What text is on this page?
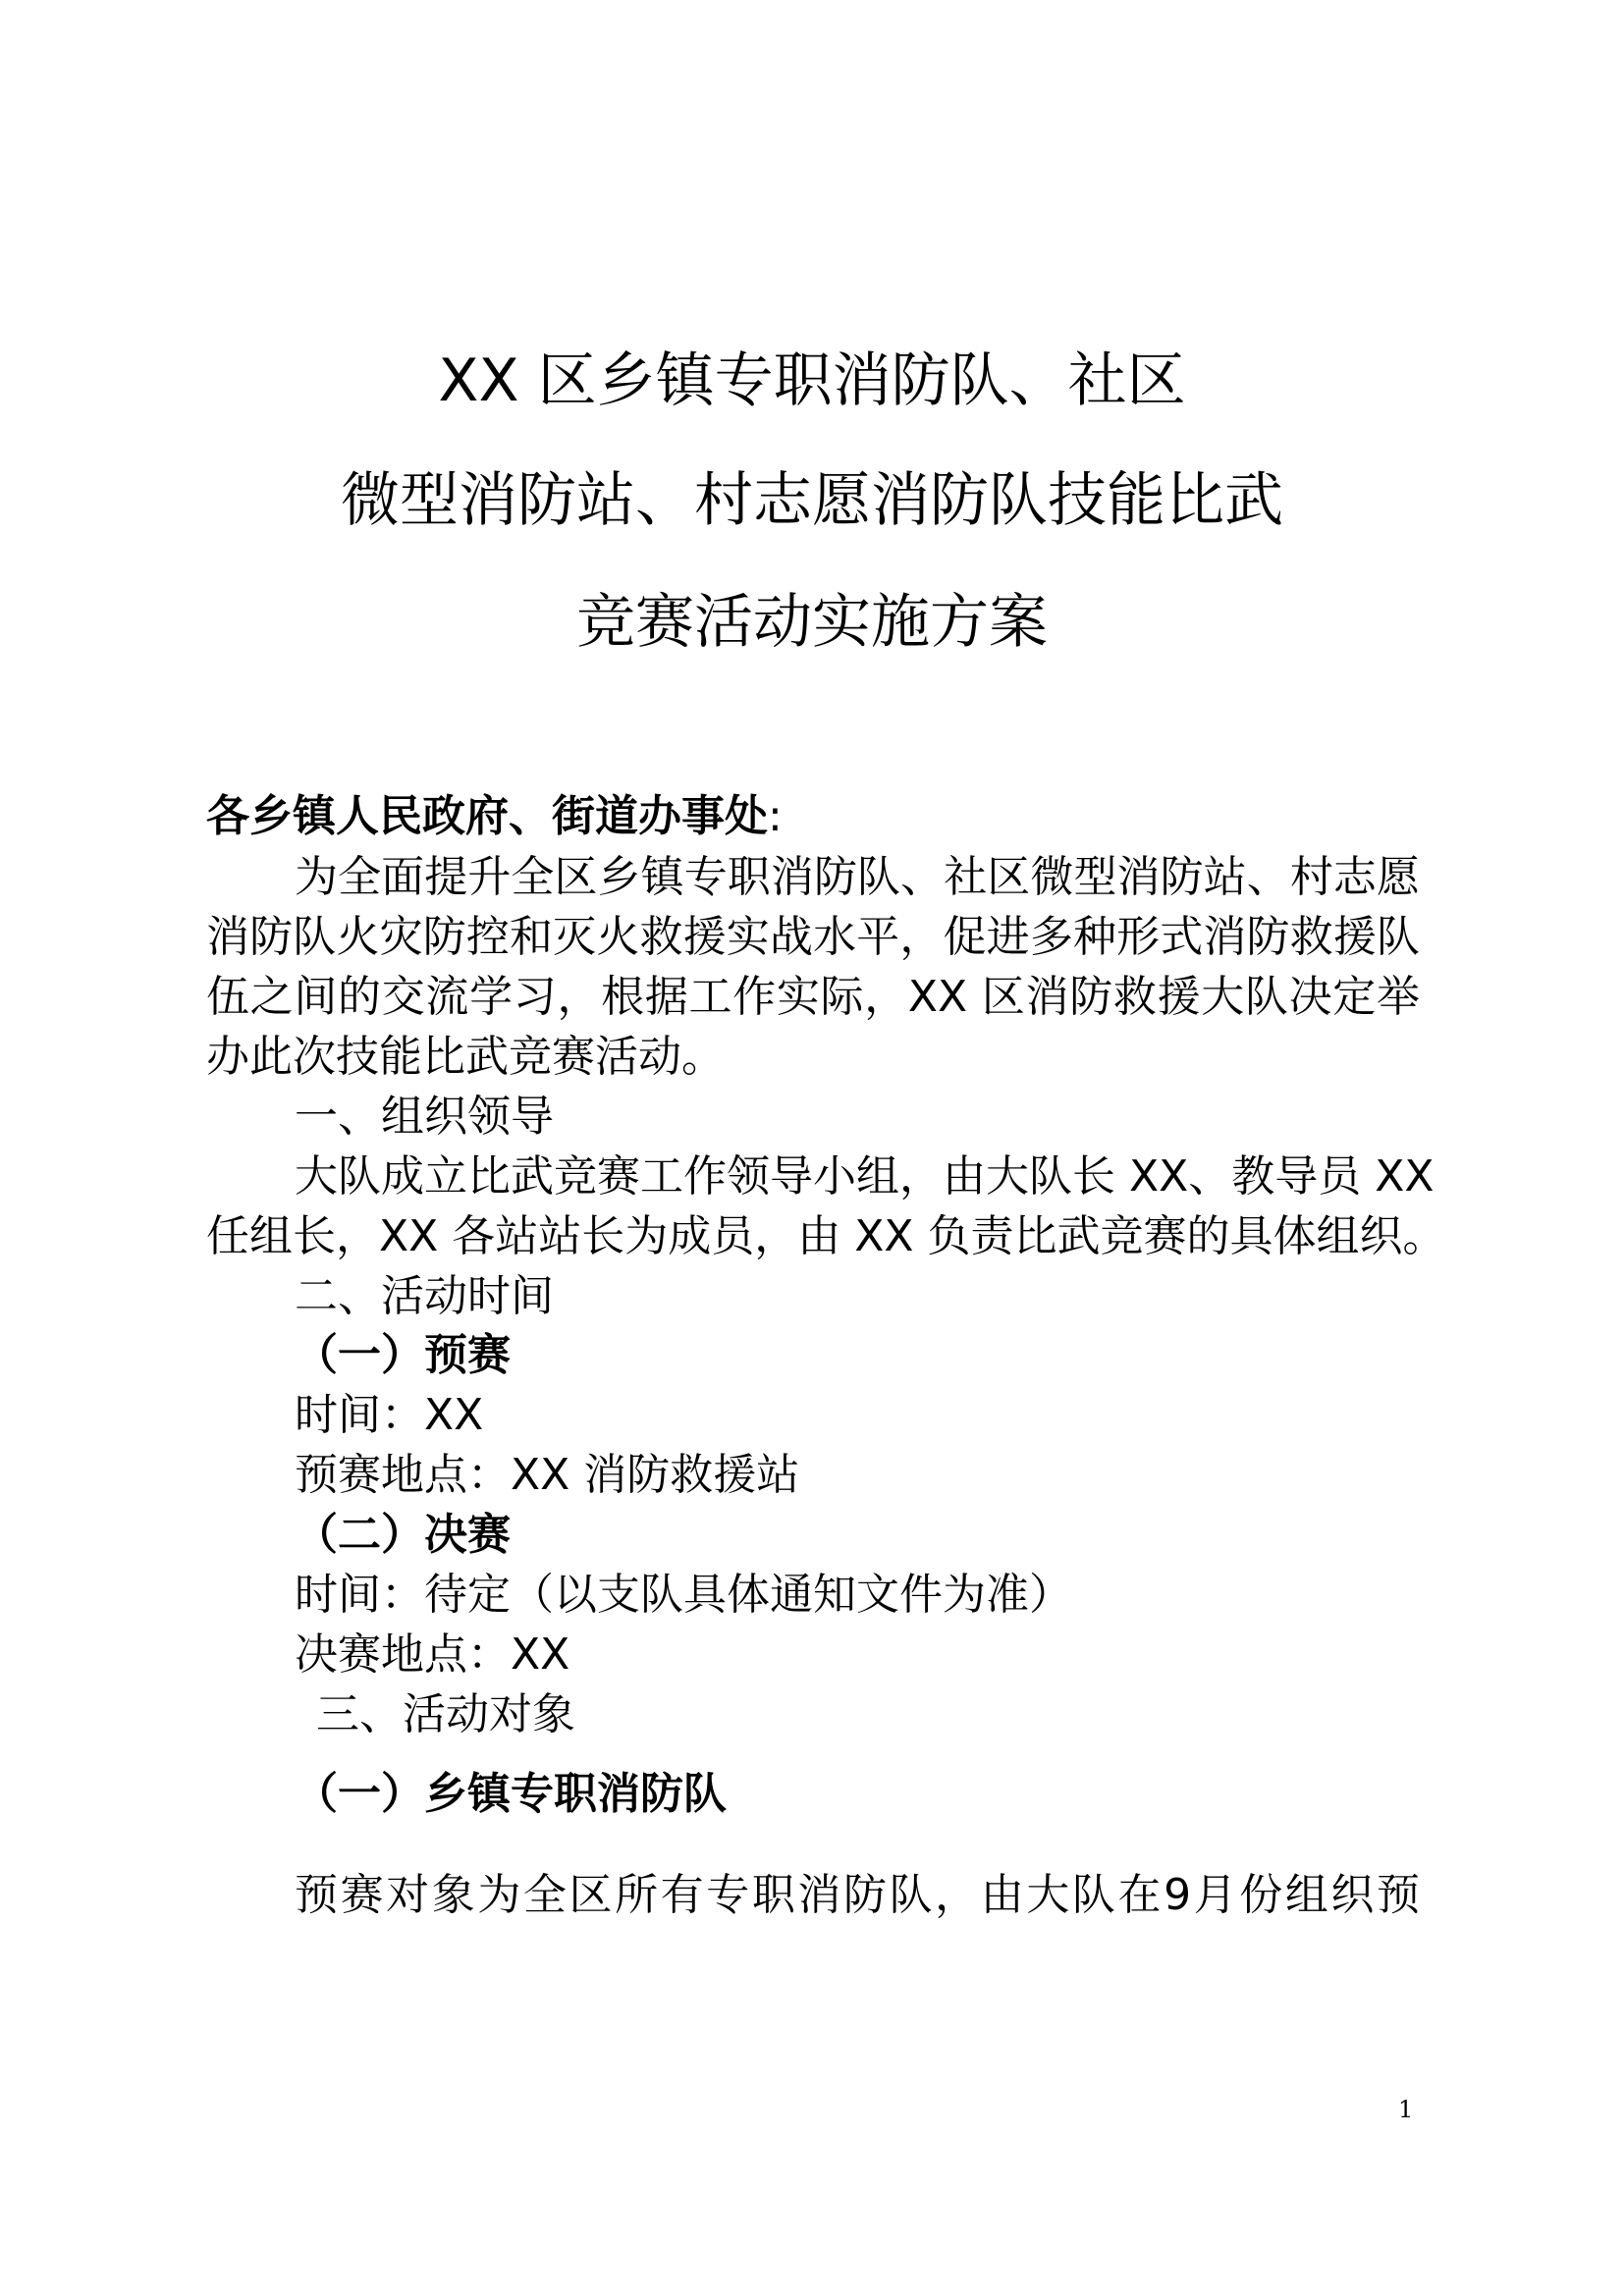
XX 区乡镇专职消防队、社区
微型消防站、村志愿消防队技能比武
竞赛活动实施方案
各乡镇人民政府、街道办事处:
为全面提升全区乡镇专职消防队、社区微型消防站、村志愿
消防队火灾防控和灭火救援实战水平，促进多种形式消防救援队
伍之间的交流学习，根据工作实际，XX 区消防救援大队决定举
办此次技能比武竞赛活动。
一、组织领导
大队成立比武竞赛工作领导小组，由大队长 XX、教导员 XX
任组长，XX 各站站长为成员，由 XX 负责比武竞赛的具体组织。
二、活动时间
（一）预赛
时间：XX
预赛地点：XX 消防救援站
（二）决赛
时间：待定（以支队具体通知文件为准）
决赛地点：XX
三、活动对象
（一）乡镇专职消防队
预赛对象为全区所有专职消防队，由大队在9月份组织预
1
